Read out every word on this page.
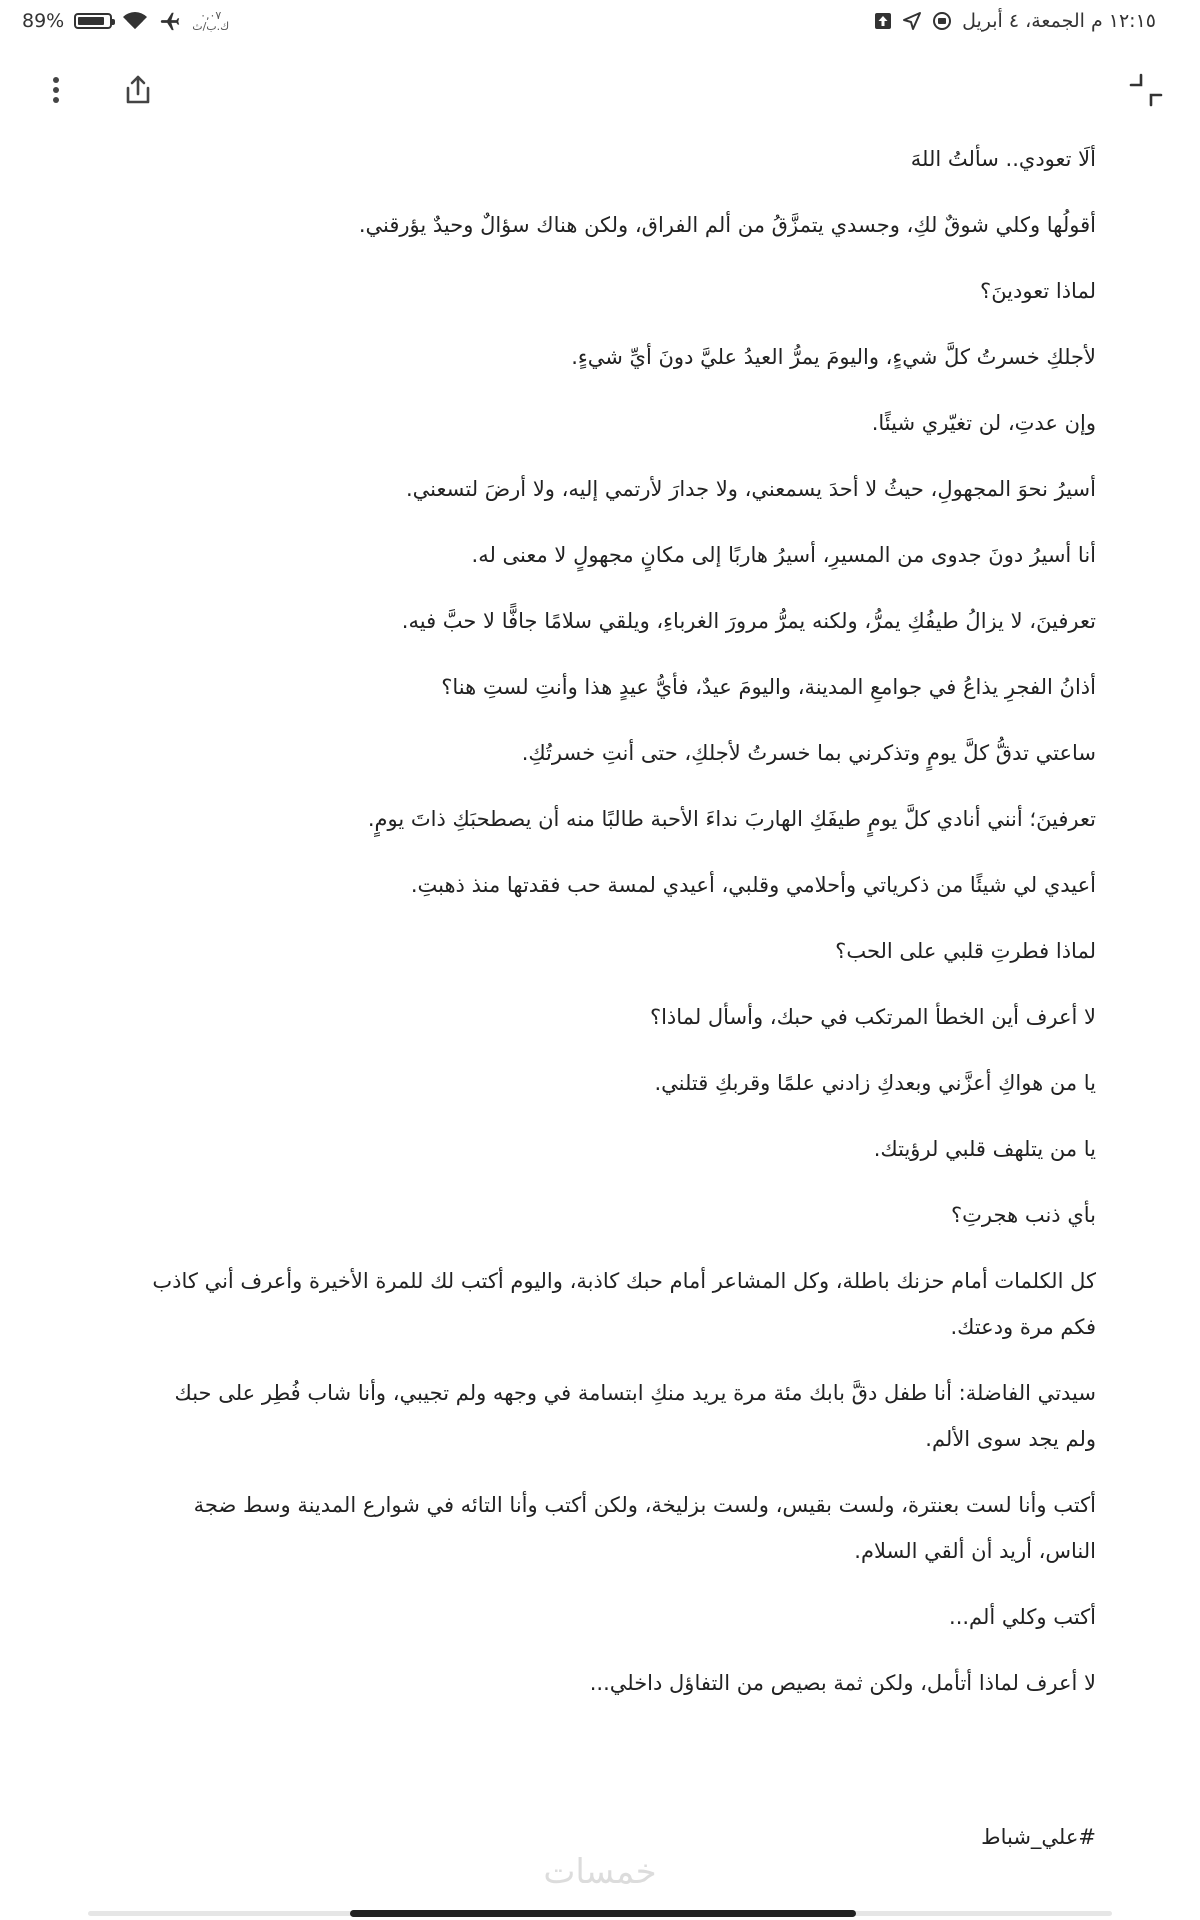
89%	٠,٠٧
ك.ب/ث	١٢:١٥ م الجمعة، ٤ أبريل

ألَا تعودي.. سألتُ اللهَ

أقولُها وكلي شوقٌ لكِ، وجسدي يتمزَّقُ من ألم الفراق، ولكن هناك سؤالٌ وحيدٌ يؤرقني.

لماذا تعودينَ؟

لأجلكِ خسرتُ كلَّ شيءٍ، واليومَ يمرُّ العيدُ عليَّ دونَ أيِّ شيءٍ.

وإن عدتِ، لن تغيّري شيئًا.

أسيرُ نحوَ المجهولِ، حيثُ لا أحدَ يسمعني، ولا جدارَ لأرتمي إليه، ولا أرضَ لتسعني.

أنا أسيرُ دونَ جدوى من المسيرِ، أسيرُ هاربًا إلى مكانٍ مجهولٍ لا معنى له.

تعرفينَ، لا يزالُ طيفُكِ يمرُّ، ولكنه يمرُّ مرورَ الغرباءِ، ويلقي سلامًا جافًّا لا حبَّ فيه.

أذانُ الفجرِ يذاعُ في جوامعِ المدينة، واليومَ عيدٌ، فأيُّ عيدٍ هذا وأنتِ لستِ هنا؟

ساعتي تدقُّ كلَّ يومٍ وتذكرني بما خسرتُ لأجلكِ، حتى أنتِ خسرتُكِ.

تعرفينَ؛ أنني أنادي كلَّ يومٍ طيفَكِ الهاربَ نداءَ الأحبة طالبًا منه أن يصطحبَكِ ذاتَ يومٍ.

أعيدي لي شيئًا من ذكرياتي وأحلامي وقلبي، أعيدي لمسة حب فقدتها منذ ذهبتِ.

لماذا فطرتِ قلبي على الحب؟

لا أعرف أين الخطأ المرتكب في حبك، وأسأل لماذا؟

يا من هواكِ أعزَّني وبعدكِ زادني علمًا وقربكِ قتلني.

يا من يتلهف قلبي لرؤيتك.

بأي ذنب هجرتِ؟

كل الكلمات أمام حزنك باطلة، وكل المشاعر أمام حبك كاذبة، واليوم أكتب لك للمرة الأخيرة وأعرف أني كاذب فكم مرة ودعتك.

سيدتي الفاضلة: أنا طفل دقَّ بابك مئة مرة يريد منكِ ابتسامة في وجهه ولم تجيبي، وأنا شاب فُطِر على حبك ولم يجد سوى الألم.

أكتب وأنا لست بعنترة، ولست بقيس، ولست بزليخة، ولكن أكتب وأنا التائه في شوارع المدينة وسط ضجة الناس، أريد أن ألقي السلام.

أكتب وكلي ألم...

لا أعرف لماذا أتأمل، ولكن ثمة بصيص من التفاؤل داخلي...

#علي_شباط

خمسات
